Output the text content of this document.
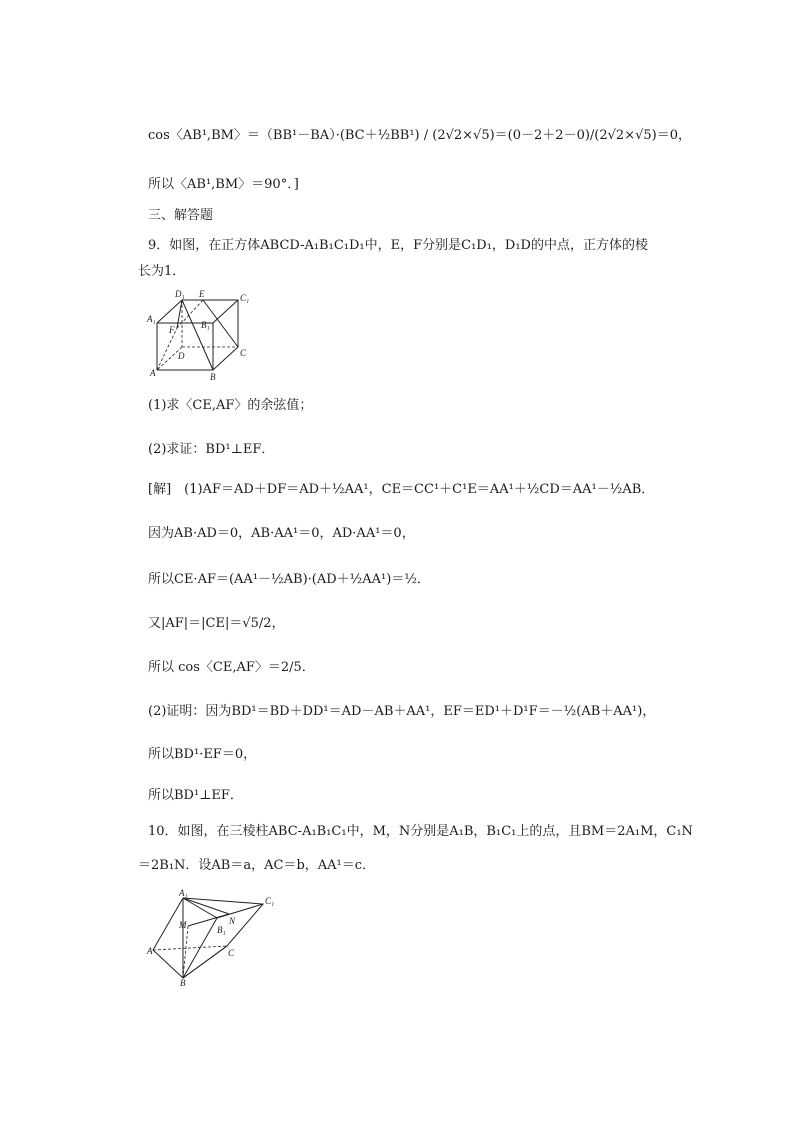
cos〈AB¹,BM〉＝（BB¹－BA）·(BC＋½BB¹) / (2√2×√5)＝(0－2＋2－0)/(2√2×√5)＝0，
所以〈AB¹,BM〉＝90°．]
三、解答题
9．如图，在正方体ABCD-A₁B₁C₁D₁中，E，F分别是C₁D₁，D₁D的中点，正方体的棱
长为1．
D₁ E	C₁
A₁
F	B₁
D	C
A	B
(1)求〈CE,AF〉的余弦值；
(2)求证：BD¹⊥EF．
[解]　(1)AF＝AD＋DF＝AD＋½AA¹，CE＝CC¹＋C¹E＝AA¹＋½CD＝AA¹－½AB．
因为AB·AD＝0，AB·AA¹＝0，AD·AA¹＝0，
所以CE·AF＝(AA¹－½AB)·(AD＋½AA¹)＝½．
又|AF|＝|CE|＝√5/2，
所以 cos〈CE,AF〉＝2/5．
(2)证明：因为BD¹＝BD＋DD¹＝AD－AB＋AA¹，EF＝ED¹＋D¹F＝－½(AB＋AA¹)，
所以BD¹·EF＝0，
所以BD¹⊥EF．
10．如图，在三棱柱ABC-A₁B₁C₁中，M，N分别是A₁B，B₁C₁上的点，且BM＝2A₁M，C₁N
＝2B₁N．设AB＝a，AC＝b，AA¹＝c．
A₁
C₁
M	N
B₁
A	C
B
